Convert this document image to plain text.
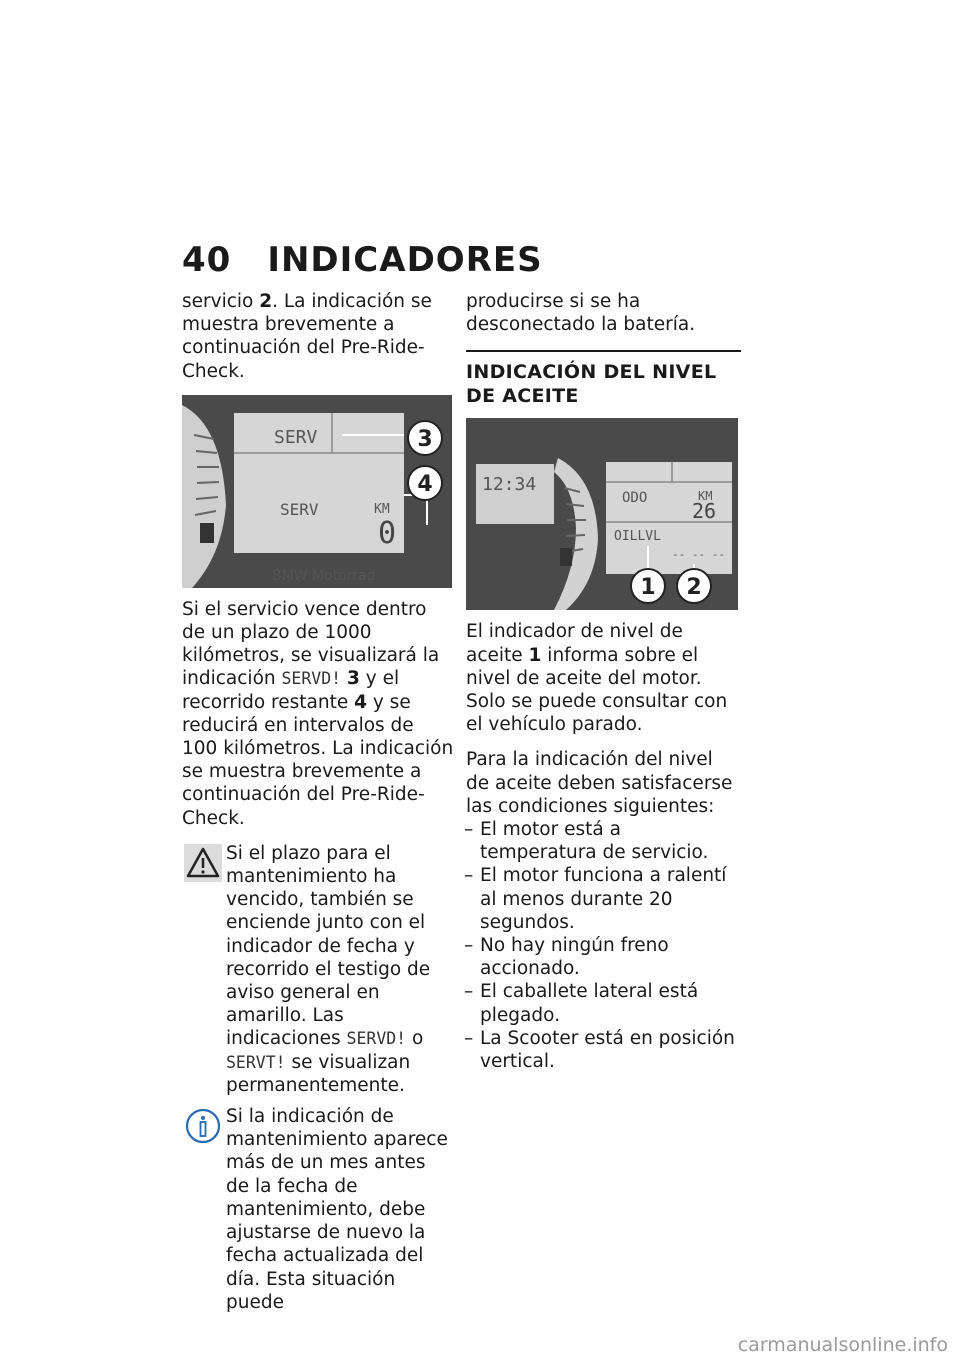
40 INDICADORES

servicio 2. La indicación se muestra brevemente a continuación del Pre-Ride-Check.

SERV
SERV	KM
0
3
4
BMW Motorrad

Si el servicio vence dentro de un plazo de 1000 kilómetros, se visualizará la indicación SERVD! 3 y el recorrido restante 4 y se reducirá en intervalos de 100 kilómetros. La indicación se muestra brevemente a continuación del Pre-Ride-Check.

Si el plazo para el mantenimiento ha vencido, también se enciende junto con el indicador de fecha y recorrido el testigo de aviso general en amarillo. Las indicaciones SERVD! o SERVT! se visualizan permanentemente.
Si la indicación de mantenimiento aparece más de un mes antes de la fecha de mantenimiento, debe ajustarse de nuevo la fecha actualizada del día. Esta situación puede

producirse si se ha desconectado la batería.

INDICACIÓN DEL NIVEL DE ACEITE
12:34
ODO	KM
26
OILLVL
-- -- --
1 2

El indicador de nivel de aceite 1 informa sobre el nivel de aceite del motor. Solo se puede consultar con el vehículo parado.

Para la indicación del nivel de aceite deben satisfacerse las condiciones siguientes:

– El motor está a temperatura de servicio.
– El motor funciona a ralentí al menos durante 20 segundos.
– No hay ningún freno accionado.
– El caballete lateral está plegado.
– La Scooter está en posición vertical.
carmanualsonline.info
